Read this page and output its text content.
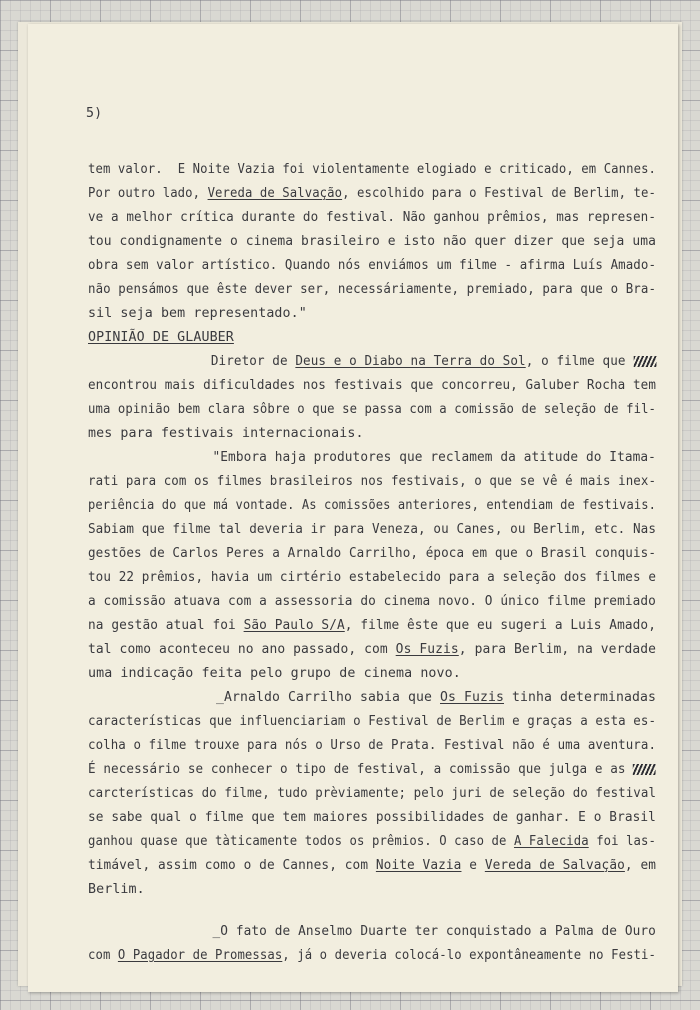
5)
tem valor.  E Noite Vazia foi violentamente elogiado e criticado, em Cannes.
Por outro lado, Vereda de Salvação, escolhido para o Festival de Berlim, te-
ve a melhor crítica durante do festival. Não ganhou prêmios, mas represen-
tou condignamente o cinema brasileiro e isto não quer dizer que seja uma
obra sem valor artístico. Quando nós enviámos um filme - afirma Luís Amado-
não pensámos que êste dever ser, necessáriamente, premiado, para que o Bra-
sil seja bem representado."
OPINIÃO DE GLAUBER
Diretor de Deus e o Diabo na Terra do Sol, o filme que
encontrou mais dificuldades nos festivais que concorreu, Galuber Rocha tem
uma opinião bem clara sôbre o que se passa com a comissão de seleção de fil-
mes para festivais internacionais.
"Embora haja produtores que reclamem da atitude do Itama-
rati para com os filmes brasileiros nos festivais, o que se vê é mais inex-
periência do que má vontade. As comissões anteriores, entendiam de festivais.
Sabiam que filme tal deveria ir para Veneza, ou Canes, ou Berlim, etc. Nas
gestões de Carlos Peres a Arnaldo Carrilho, época em que o Brasil conquis-
tou 22 prêmios, havia um cirtério estabelecido para a seleção dos filmes e
a comissão atuava com a assessoria do cinema novo. O único filme premiado
na gestão atual foi São Paulo S/A, filme êste que eu sugeri a Luis Amado,
tal como aconteceu no ano passado, com Os Fuzis, para Berlim, na verdade
uma indicação feita pelo grupo de cinema novo.
_Arnaldo Carrilho sabia que Os Fuzis tinha determinadas
características que influenciariam o Festival de Berlim e graças a esta es-
colha o filme trouxe para nós o Urso de Prata. Festival não é uma aventura.
É necessário se conhecer o tipo de festival, a comissão que julga e as
carcterísticas do filme, tudo prèviamente; pelo juri de seleção do festival
se sabe qual o filme que tem maiores possibilidades de ganhar. E o Brasil
ganhou quase que tàticamente todos os prêmios. O caso de A Falecida foi las-
timável, assim como o de Cannes, com Noite Vazia e Vereda de Salvação, em
Berlim.
_O fato de Anselmo Duarte ter conquistado a Palma de Ouro
com O Pagador de Promessas, já o deveria colocá-lo expontâneamente no Festi-
